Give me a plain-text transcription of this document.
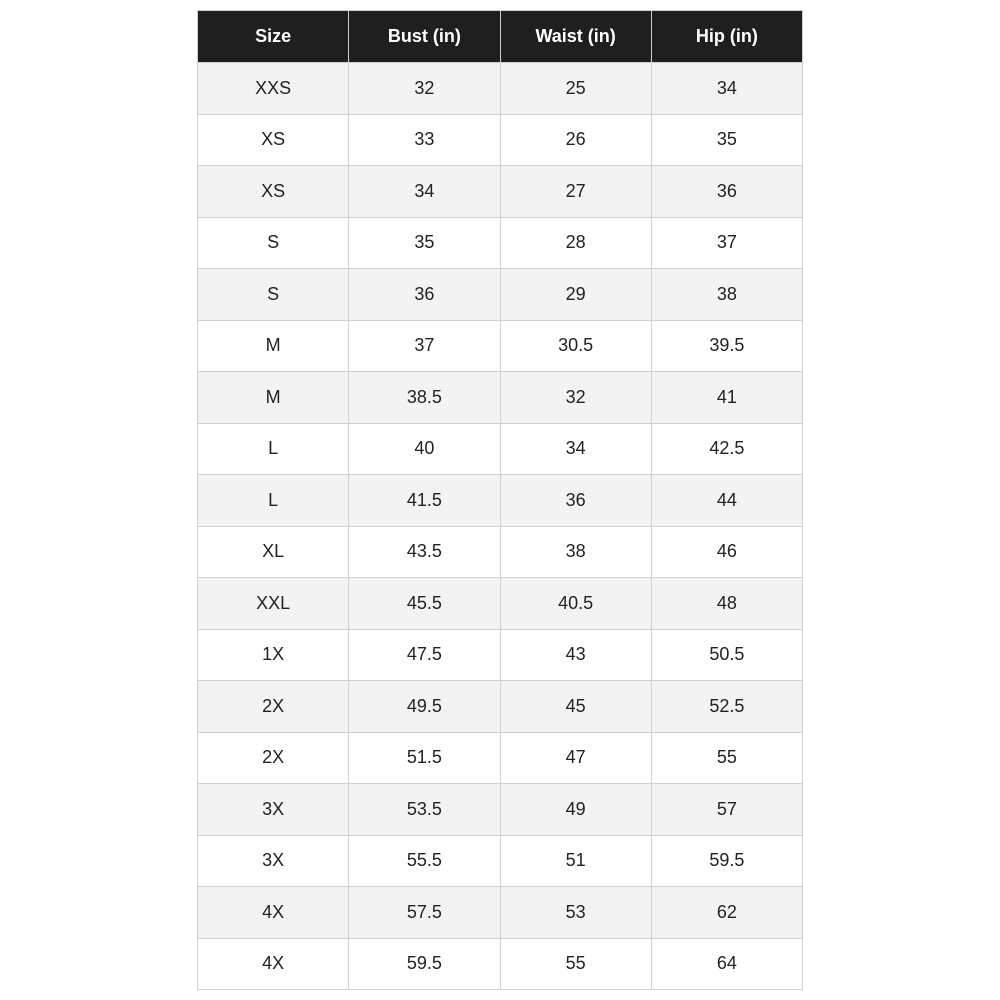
Size	Bust (in)	Waist (in)	Hip (in)
XXS	32	25	34
XS	33	26	35
XS	34	27	36
S	35	28	37
S	36	29	38
M	37	30.5	39.5
M	38.5	32	41
L	40	34	42.5
L	41.5	36	44
XL	43.5	38	46
XXL	45.5	40.5	48
1X	47.5	43	50.5
2X	49.5	45	52.5
2X	51.5	47	55
3X	53.5	49	57
3X	55.5	51	59.5
4X	57.5	53	62
4X	59.5	55	64
